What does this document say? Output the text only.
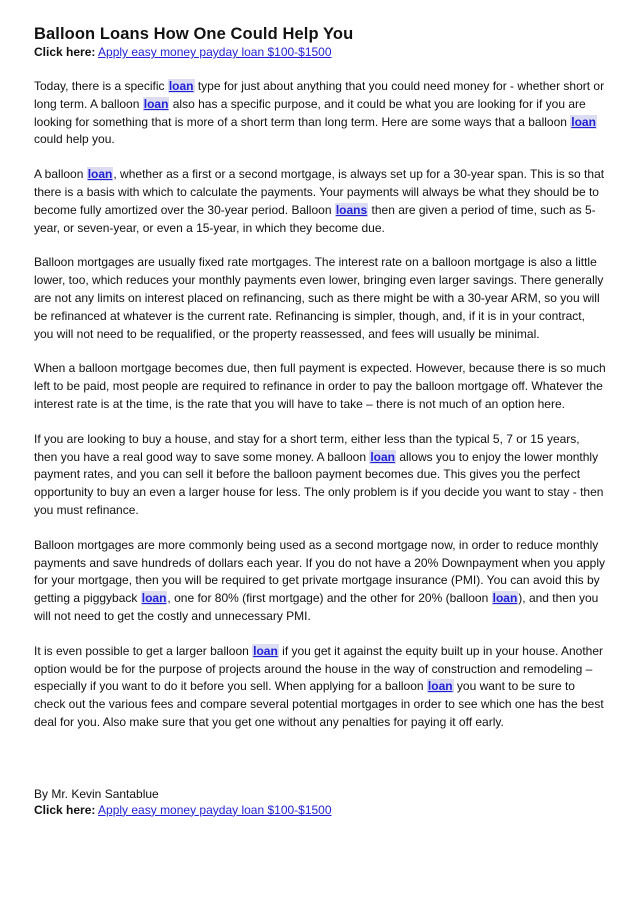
Balloon Loans How One Could Help You

Click here: Apply easy money payday loan $100-$1500

Today, there is a specific loan type for just about anything that you could need money for - whether short or long term. A balloon loan also has a specific purpose, and it could be what you are looking for if you are looking for something that is more of a short term than long term. Here are some ways that a balloon loan could help you.

A balloon loan, whether as a first or a second mortgage, is always set up for a 30-year span. This is so that there is a basis with which to calculate the payments. Your payments will always be what they should be to become fully amortized over the 30-year period. Balloon loans then are given a period of time, such as 5-year, or seven-year, or even a 15-year, in which they become due.

Balloon mortgages are usually fixed rate mortgages. The interest rate on a balloon mortgage is also a little lower, too, which reduces your monthly payments even lower, bringing even larger savings. There generally are not any limits on interest placed on refinancing, such as there might be with a 30-year ARM, so you will be refinanced at whatever is the current rate. Refinancing is simpler, though, and, if it is in your contract, you will not need to be requalified, or the property reassessed, and fees will usually be minimal.

When a balloon mortgage becomes due, then full payment is expected. However, because there is so much left to be paid, most people are required to refinance in order to pay the balloon mortgage off. Whatever the interest rate is at the time, is the rate that you will have to take – there is not much of an option here.

If you are looking to buy a house, and stay for a short term, either less than the typical 5, 7 or 15 years, then you have a real good way to save some money. A balloon loan allows you to enjoy the lower monthly payment rates, and you can sell it before the balloon payment becomes due. This gives you the perfect opportunity to buy an even a larger house for less. The only problem is if you decide you want to stay - then you must refinance.

Balloon mortgages are more commonly being used as a second mortgage now, in order to reduce monthly payments and save hundreds of dollars each year. If you do not have a 20% Downpayment when you apply for your mortgage, then you will be required to get private mortgage insurance (PMI). You can avoid this by getting a piggyback loan, one for 80% (first mortgage) and the other for 20% (balloon loan), and then you will not need to get the costly and unnecessary PMI.

It is even possible to get a larger balloon loan if you get it against the equity built up in your house. Another option would be for the purpose of projects around the house in the way of construction and remodeling – especially if you want to do it before you sell. When applying for a balloon loan you want to be sure to check out the various fees and compare several potential mortgages in order to see which one has the best deal for you. Also make sure that you get one without any penalties for paying it off early.

By Mr. Kevin Santablue

Click here: Apply easy money payday loan $100-$1500
